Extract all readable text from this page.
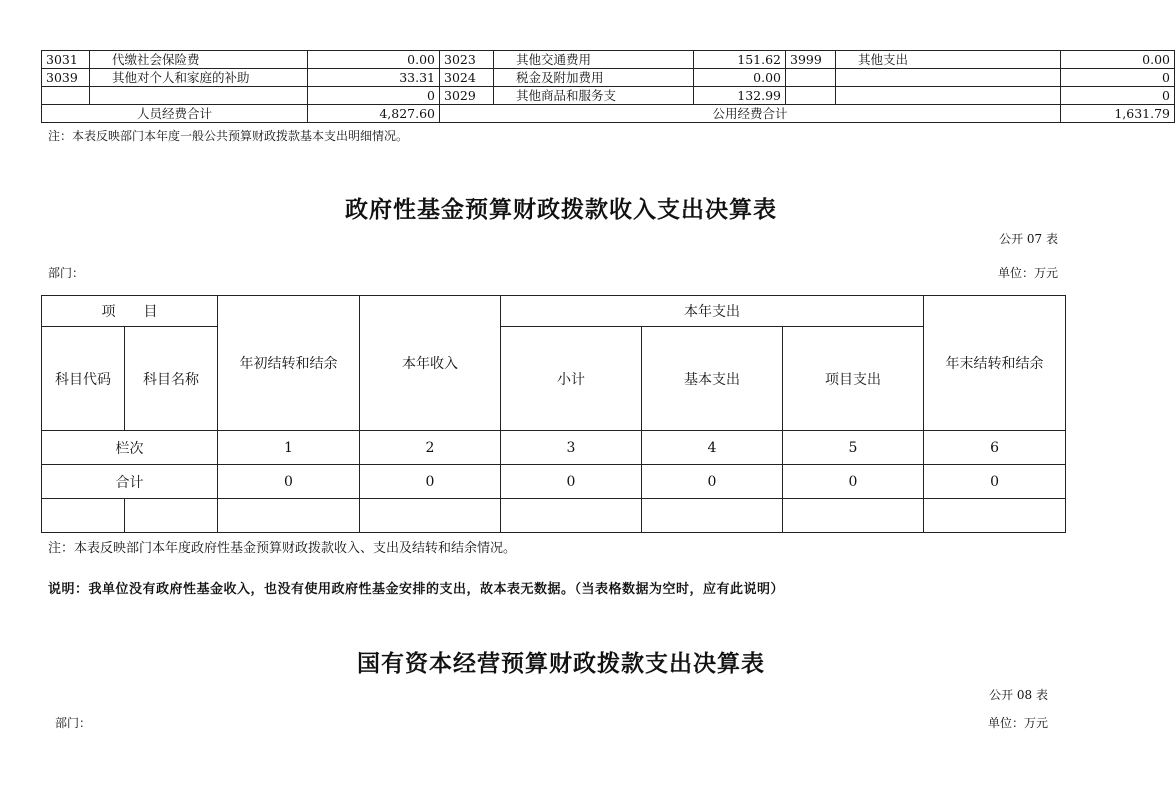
3031	代缴社会保险费	0.00	3023	其他交通费用	151.62	3999	其他支出	0.00
3039	其他对个人和家庭的补助	33.31	3024	税金及附加费用	0.00			0
		0	3029	其他商品和服务支	132.99			0
人员经费合计		4,827.60	公用经费合计					1,631.79
注：本表反映部门本年度一般公共预算财政拨款基本支出明细情况。
政府性基金预算财政拨款收入支出决算表
公开 07 表
部门：	单位：万元
项　　目		年初结转和结余	本年收入	本年支出			年末结转和结余
科目代码	科目名称			小计	基本支出	项目支出	
栏次		1	2	3	4	5	6
合计		0	0	0	0	0	0

注：本表反映部门本年度政府性基金预算财政拨款收入、支出及结转和结余情况。
说明：我单位没有政府性基金收入，也没有使用政府性基金安排的支出，故本表无数据。（当表格数据为空时，应有此说明）
国有资本经营预算财政拨款支出决算表
公开 08 表
部门：	单位：万元
